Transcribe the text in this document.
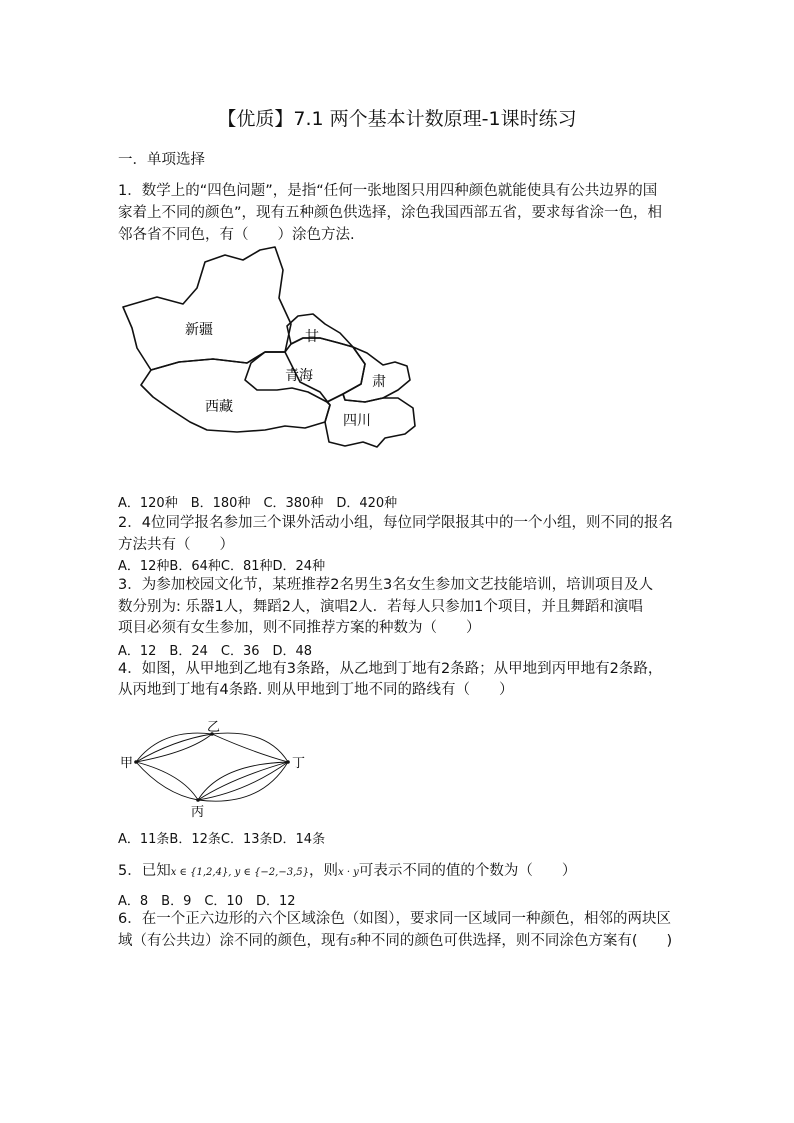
【优质】7.1 两个基本计数原理-1课时练习
一．单项选择
1．数学上的“四色问题”，是指“任何一张地图只用四种颜色就能使具有公共边界的国
家着上不同的颜色”，现有五种颜色供选择，涂色我国西部五省，要求每省涂一色，相
邻各省不同色，有（　　）涂色方法.
新疆	甘
青海	肃
西藏
四川
A．120种　B．180种　C．380种　D．420种
2．4位同学报名参加三个课外活动小组，每位同学限报其中的一个小组，则不同的报名
方法共有（　　）
A．12种B．64种C．81种D．24种
3．为参加校园文化节，某班推荐2名男生3名女生参加文艺技能培训，培训项目及人
数分别为: 乐器1人，舞蹈2人，演唱2人．若每人只参加1个项目，并且舞蹈和演唱
项目必须有女生参加，则不同推荐方案的种数为（　　）
A．12　B．24　C．36　D．48
4．如图，从甲地到乙地有3条路，从乙地到丁地有2条路；从甲地到丙甲地有2条路，
从丙地到丁地有4条路. 则从甲地到丁地不同的路线有（　　）
甲
乙
丙
丁
A．11条B．12条C．13条D．14条
5．已知x ∈ {1,2,4}, y ∈ {−2,−3,5}，则x · y可表示不同的值的个数为（　　）
A．8　B．9　C．10　D．12
6．在一个正六边形的六个区域涂色（如图），要求同一区域同一种颜色，相邻的两块区
域（有公共边）涂不同的颜色，现有5种不同的颜色可供选择，则不同涂色方案有(　　)
